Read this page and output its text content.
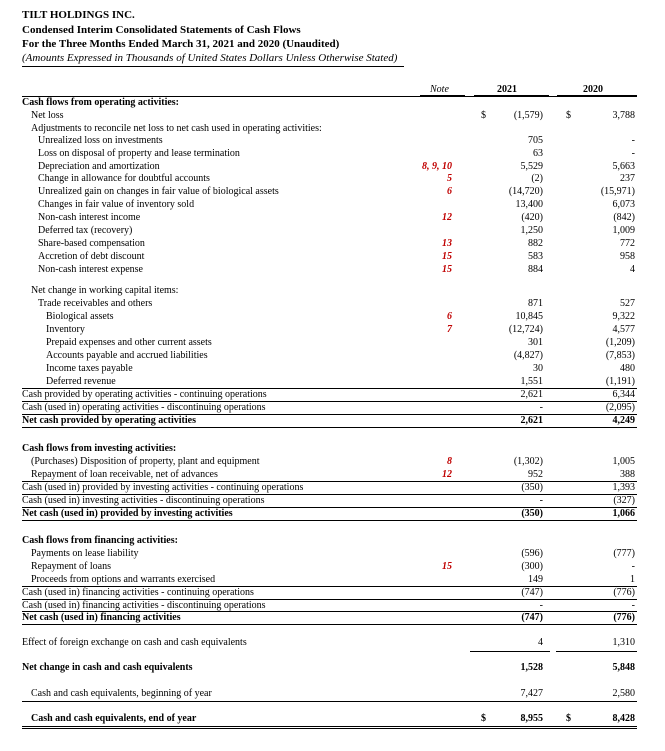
TILT HOLDINGS INC.
Condensed Interim Consolidated Statements of Cash Flows
For the Three Months Ended March 31, 2021 and 2020 (Unaudited)
(Amounts Expressed in Thousands of United States Dollars Unless Otherwise Stated)
Note	2021	2020
Cash flows from operating activities:
Net loss	$	(1,579) $	3,788
Adjustments to reconcile net loss to net cash used in operating activities:
Unrealized loss on investments	705	-
Loss on disposal of property and lease termination	63	-
Depreciation and amortization	8, 9, 10	5,529	5,663
Change in allowance for doubtful accounts	5	(2)	237
Unrealized gain on changes in fair value of biological assets	6	(14,720)	(15,971)
Changes in fair value of inventory sold	13,400	6,073
Non-cash interest income	12	(420)	(842)
Deferred tax (recovery)	1,250	1,009
Share-based compensation	13	882	772
Accretion of debt discount	15	583	958
Non-cash interest expense	15	884	4
Net change in working capital items:
Trade receivables and others	871	527
Biological assets	6	10,845	9,322
Inventory	7	(12,724)	4,577
Prepaid expenses and other current assets	301	(1,209)
Accounts payable and accrued liabilities	(4,827)	(7,853)
Income taxes payable	30	480
Deferred revenue	1,551	(1,191)
Cash provided by operating activities - continuing operations	2,621	6,344
Cash (used in) operating activities - discontinuing operations	-	(2,095)
Net cash provided by operating activities	2,621	4,249
Cash flows from investing activities:
(Purchases) Disposition of property, plant and equipment	8	(1,302)	1,005
Repayment of loan receivable, net of advances	12	952	388
Cash (used in) provided by investing activities - continuing operations	(350)	1,393
Cash (used in) investing activities - discontinuing operations	-	(327)
Net cash (used in) provided by investing activities	(350)	1,066
Cash flows from financing activities:
Payments on lease liability	(596)	(777)
Repayment of loans	15	(300)	-
Proceeds from options and warrants exercised	149	1
Cash (used in) financing activities - continuing operations	(747)	(776)
Cash (used in) financing activities - discontinuing operations	-	-
Net cash (used in) financing activities	(747)	(776)
Effect of foreign exchange on cash and cash equivalents	4	1,310
Net change in cash and cash equivalents	1,528	5,848
Cash and cash equivalents, beginning of year	7,427	2,580
Cash and cash equivalents, end of year	$	8,955 $	8,428
